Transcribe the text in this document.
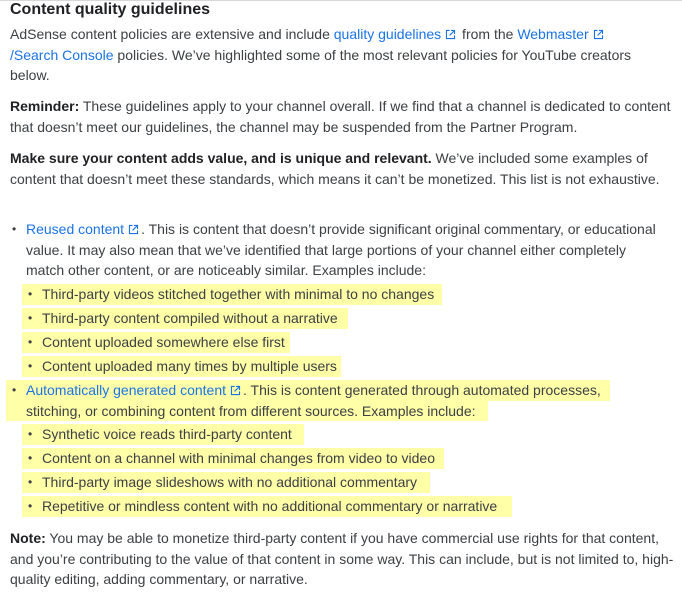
Content quality guidelines

AdSense content policies are extensive and include quality guidelines
from the Webmaster

/Search Console policies. We’ve highlighted some of the most relevant policies for YouTube creators below.

Reminder: These guidelines apply to your channel overall. If we find that a channel is dedicated to content that doesn’t meet our guidelines, the channel may be suspended from the Partner Program.

Make sure your content adds value, and is unique and relevant. We’ve included some examples of content that doesn’t meet these standards, which means it can’t be monetized. This list is not exhaustive.

• Reused content . This is content that doesn’t provide significant original commentary, or educational value. It may also mean that we’ve identified that large portions of your channel either completely match other content, or are noticeably similar. Examples include:
• Third-party videos stitched together with minimal to no changes
• Third-party content compiled without a narrative
• Content uploaded somewhere else first
• Content uploaded many times by multiple users
• Automatically generated content . This is content generated through automated processes, stitching, or combining content from different sources. Examples include:
• Synthetic voice reads third-party content
• Content on a channel with minimal changes from video to video
• Third-party image slideshows with no additional commentary
• Repetitive or mindless content with no additional commentary or narrative

Note: You may be able to monetize third-party content if you have commercial use rights for that content, and you’re contributing to the value of that content in some way. This can include, but is not limited to, high-quality editing, adding commentary, or narrative.
